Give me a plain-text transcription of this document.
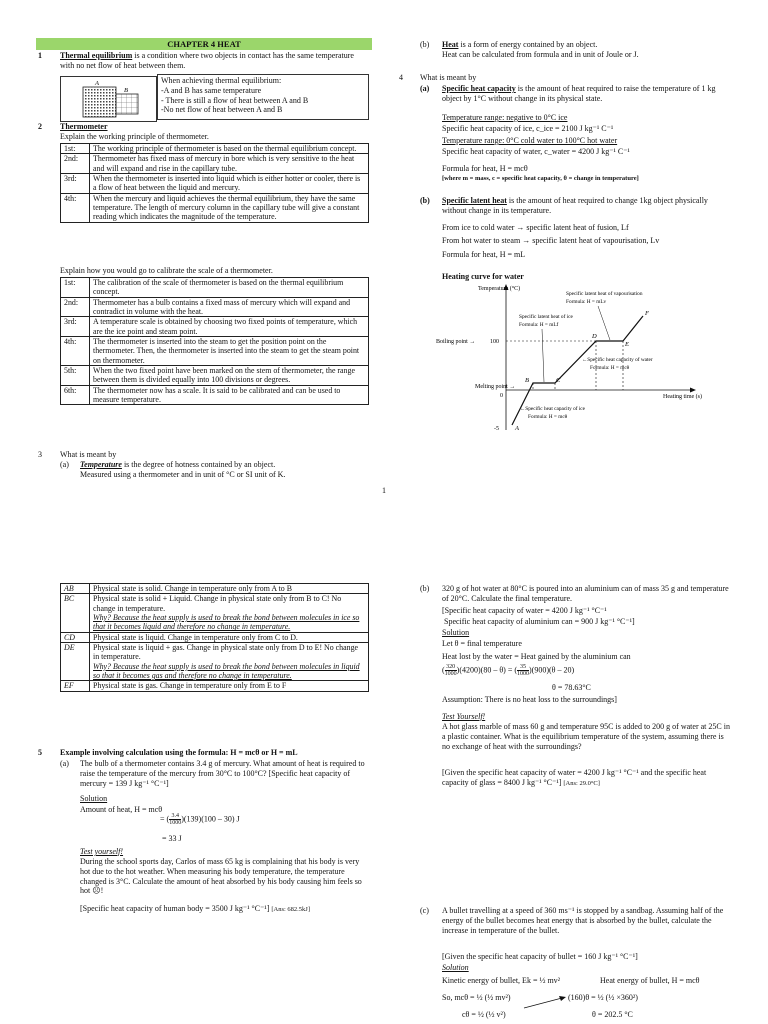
CHAPTER 4 HEAT
1 Thermal equilibrium is a condition where two objects in contact has the same temperature with no net flow of heat between them.
A
B
When achieving thermal equilibrium:
-A and B has same temperature
- There is still a flow of heat between A and B
-No net flow of heat between A and B
2 Thermometer
Explain the working principle of thermometer.
1st:	The working principle of thermometer is based on the thermal equilibrium concept.
2nd:	Thermometer has fixed mass of mercury in bore which is very sensitive to the heat and will expand and rise in the capillary tube.
3rd:	When the thermometer is inserted into liquid which is either hotter or cooler, there is a flow of heat between the liquid and mercury.
4th:	When the mercury and liquid achieves the thermal equilibrium, they have the same temperature. The length of mercury column in the capillary tube will give a constant reading which indicates the magnitude of the temperature.
Explain how you would go to calibrate the scale of a thermometer.
1st:	The calibration of the scale of thermometer is based on the thermal equilibrium concept.
2nd:	Thermometer has a bulb contains a fixed mass of mercury which will expand and contradict in volume with the heat.
3rd:	A temperature scale is obtained by choosing two fixed points of temperature, which are the ice point and steam point.
4th:	The thermometer is inserted into the steam to get the position point on the thermometer. Then, the thermometer is inserted into the steam to get the steam point on thermometer.
5th:	When the two fixed point have been marked on the stem of thermometer, the range between them is divided equally into 100 divisions or degrees.
6th:	The thermometer now has a scale. It is said to be calibrated and can be used to measure temperature.
3 What is meant by
(a) Temperature is the degree of hotness contained by an object.
Measured using a thermometer and in unit of °C or SI unit of K.
(b) Heat is a form of energy contained by an object.
Heat can be calculated from formula and in unit of Joule or J.
4 What is meant by
(a) Specific heat capacity is the amount of heat required to raise the temperature of 1 kg object by 1°C without change in its physical state.
Temperature range: negative to 0°C ice
Specific heat capacity of ice, c_ice = 2100 J kg⁻¹ C⁻¹
Temperature range: 0°C cold water to 100°C hot water
Specific heat capacity of water, c_water = 4200 J kg⁻¹ C⁻¹
Formula for heat, H = mcθ
[where m = mass, c = specific heat capacity, θ = change in temperature]
(b) Specific latent heat is the amount of heat required to change 1kg object physically without change in its temperature.
From ice to cold water → specific latent heat of fusion, Lf
From hot water to steam → specific latent heat of vapourisation, Lv
Formula for heat, H = mL
Heating curve for water
Temperature (°C)
Heating time (s)
100
0
-5
Boiling point →
Melting point →
A
B	C
D
E
F
Specific latent heat of vapourisation
Formula: H = mLv
Specific latent heat of ice
Formula: H = mLf
←Specific heat capacity of water
Formula: H = mcθ
←Specific heat capacity of ice
Formula: H = mcθ
1
AB	Physical state is solid. Change in temperature only from A to B
BC	Physical state is solid + Liquid. Change in physical state only from B to C! No change in temperature.
Why? Because the heat supply is used to break the bond between molecules in ice so that it becomes liquid and therefore no change in temperature.

CD	Physical state is liquid. Change in temperature only from C to D.
DE	Physical state is liquid + gas. Change in physical state only from D to E! No change in temperature.
Why? Because the heat supply is used to break the bond between molecules in liquid so that it becomes gas and therefore no change in temperature.

EF	Physical state is gas. Change in temperature only from E to F
5 Example involving calculation using the formula: H = mcθ or H = mL
(a) The bulb of a thermometer contains 3.4 g of mercury. What amount of heat is required to raise the temperature of the mercury from 30°C to 100°C? [Specific heat capacity of mercury = 139 J kg⁻¹ °C⁻¹]
Solution
Amount of heat, H = mcθ
= ( $\frac{3.4}{1000} )(139)(100 - 30)$ J
= 33 J
Test yourself!
During the school sports day, Carlos of mass 65 kg is complaining that his body is very hot due to the hot weather. When measuring his body temperature, the temperature changed is 3°C. Calculate the amount of heat absorbed by his body causing him feels so hot ☹!
[Specific heat capacity of human body = 3500 J kg⁻¹ °C⁻¹] [Ans: 682.5kJ]
(b) 320 g of hot water at 80°C is poured into an aluminium can of mass 35 g and temperature of 20°C. Calculate the final temperature.
[Specific heat capacity of water = 4200 J kg⁻¹ °C⁻¹
Specific heat capacity of aluminium can = 900 J kg⁻¹ °C⁻¹]
Solution
Let θ = final temperature
Heat lost by the water = Heat gained by the aluminium can
( $\frac{320}{1000} )(4200)(80 - \theta)$ = ( $\frac{35}{1000} )(900)(\theta - 20)$
θ = 78.63°C
Assumption: There is no heat loss to the surroundings]
Test Yourself!
A hot glass marble of mass 60 g and temperature 95C is added to 200 g of water at 25C in a plastic container. What is the equilibrium temperature of the system, assuming there is no exchange of heat with the surroundings?
[Given the specific heat capacity of water = 4200 J kg⁻¹ °C⁻¹ and the specific heat capacity of glass = 8400 J kg⁻¹ °C⁻¹] [Ans: 29.0°C]
(c) A bullet travelling at a speed of 360 ms⁻¹ is stopped by a sandbag. Assuming half of the energy of the bullet becomes heat energy that is absorbed by the bullet, calculate the increase in temperature of the bullet.
[Given the specific heat capacity of bullet = 160 J kg⁻¹ °C⁻¹]
Solution
Kinetic energy of bullet, Ek = ½ mv²	Heat energy of bullet, H = mcθ
So, mcθ = ½ (½ mv²)	(160)θ = ½ (½ ×360²)
cθ = ½ (½ v²)	θ = 202.5 °C
